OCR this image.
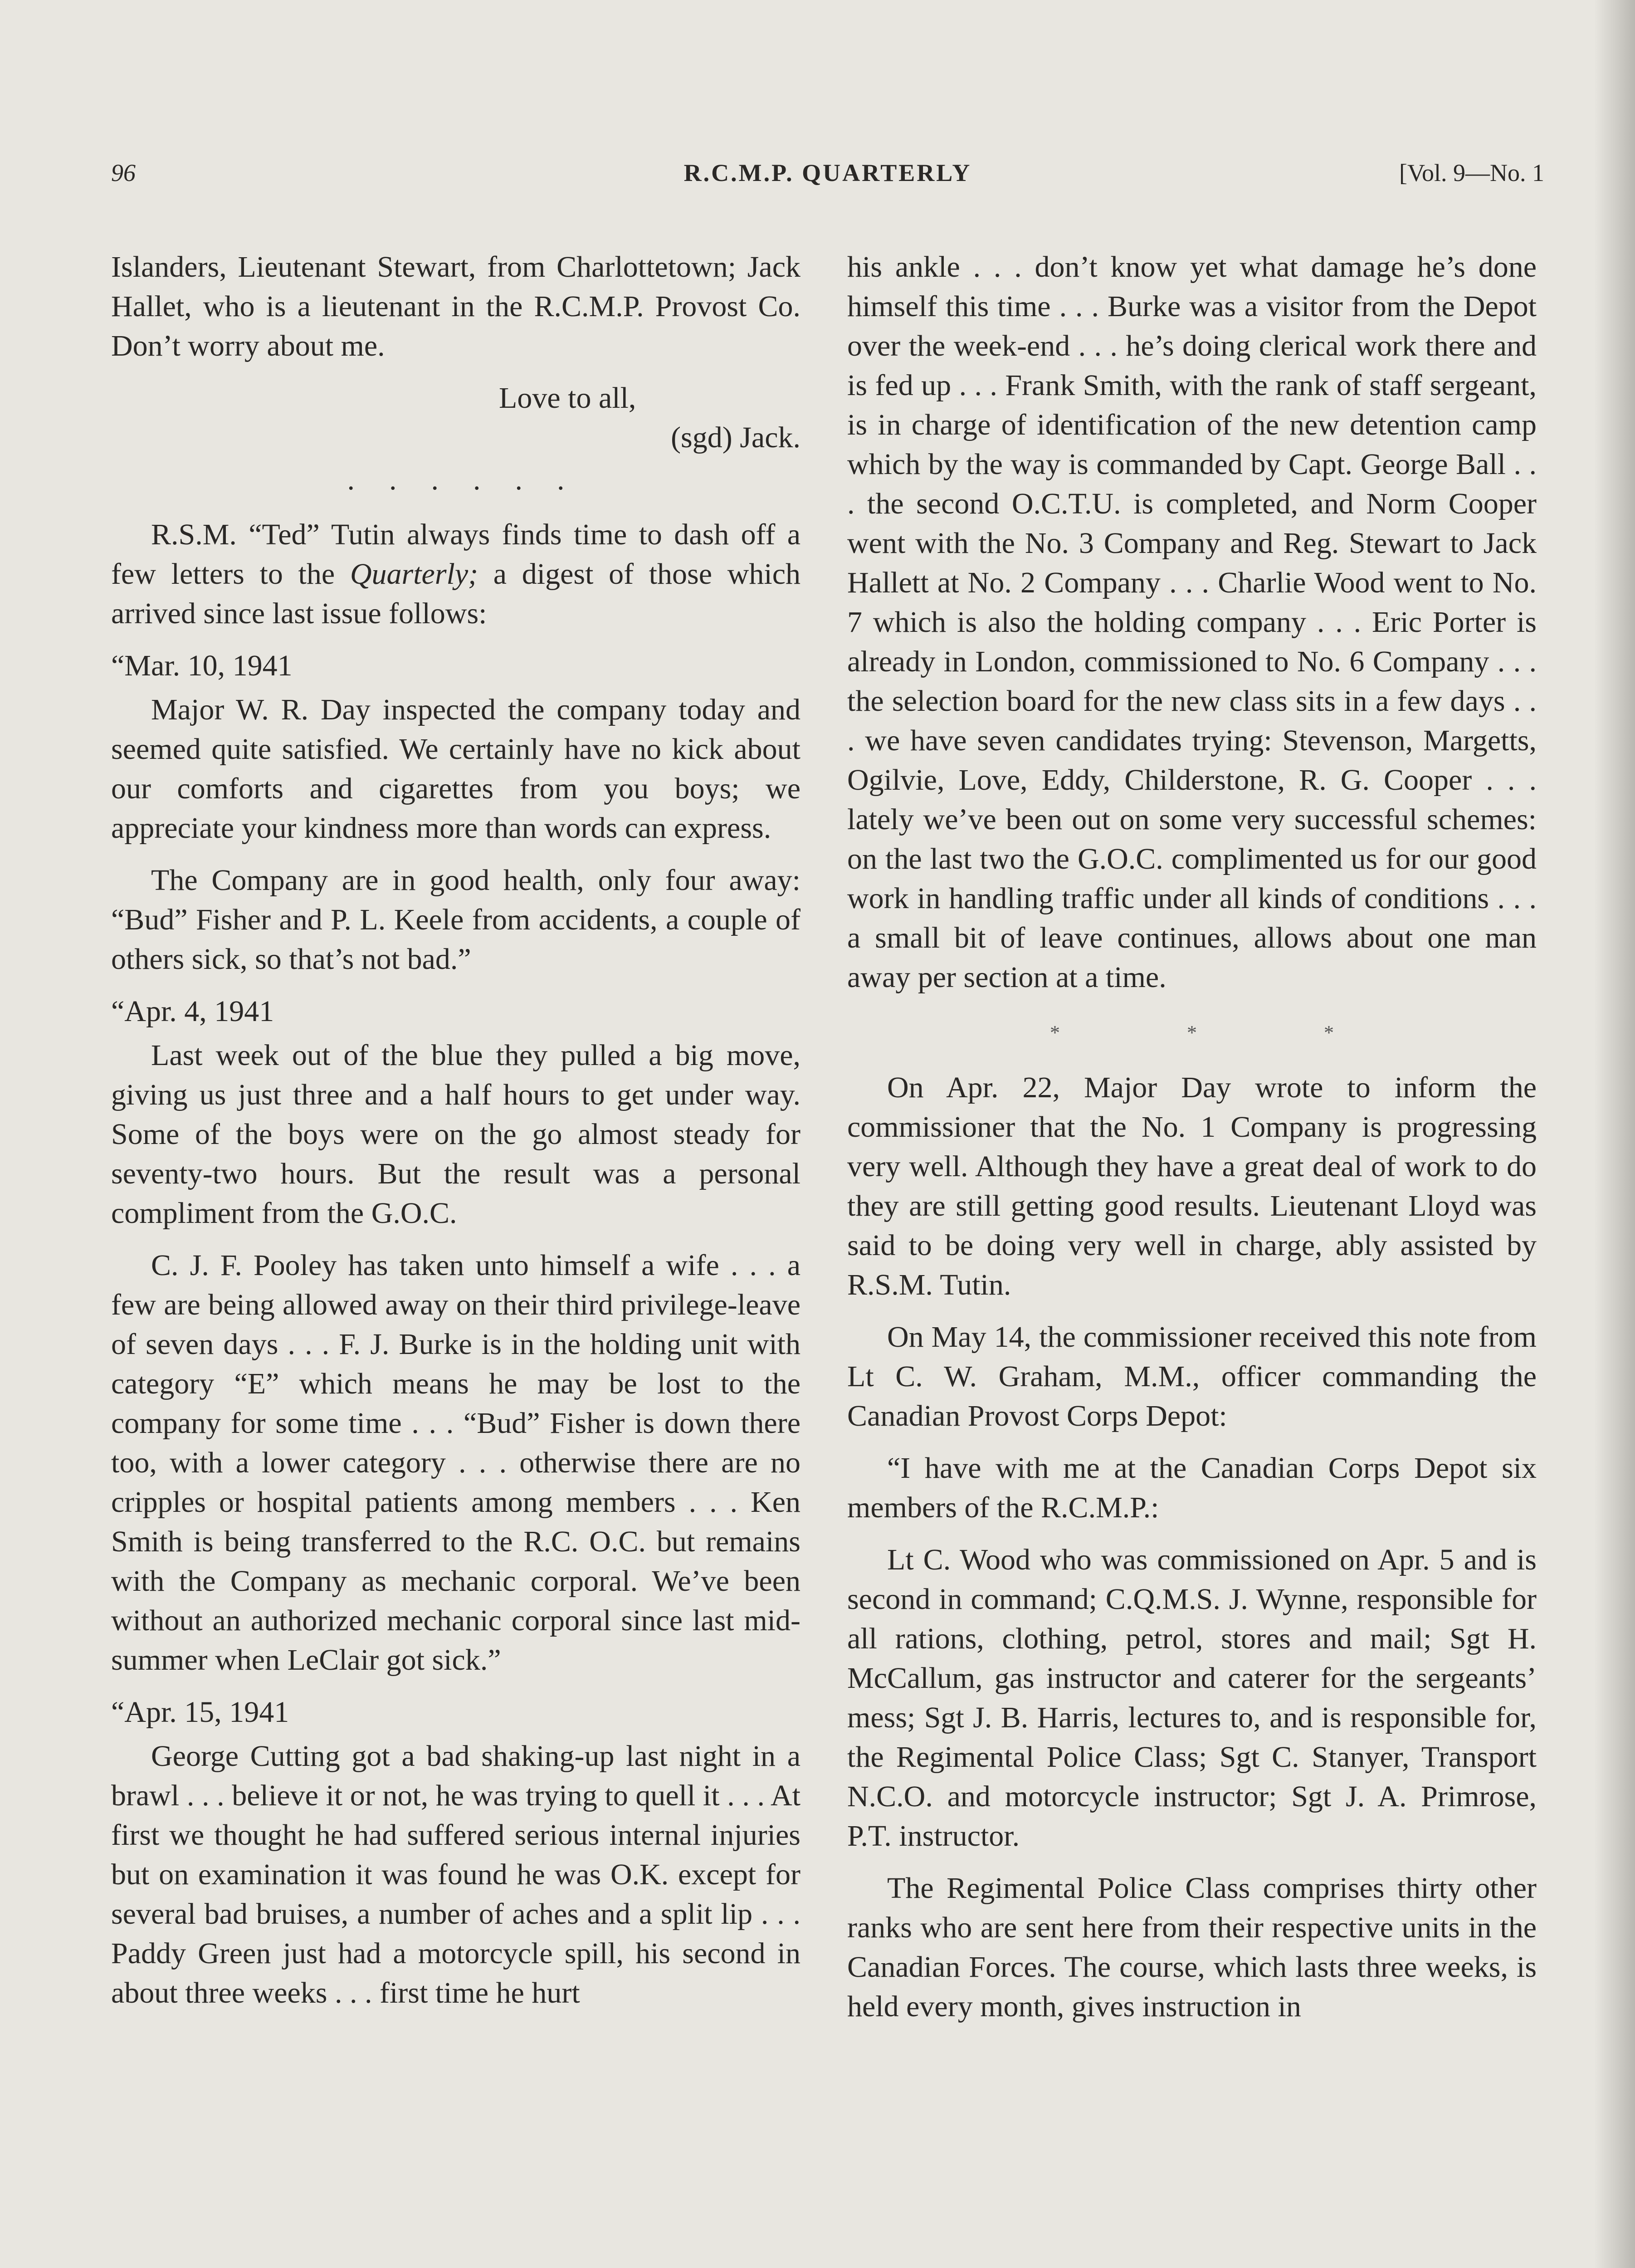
96	R.C.M.P. QUARTERLY	[Vol. 9—No. 1

Islanders, Lieutenant Stewart, from Charlottetown; Jack Hallet, who is a lieutenant in the R.C.M.P. Provost Co. Don’t worry about me.

Love to all,

(sgd) Jack.

. . . . . .

R.S.M. “Ted” Tutin always finds time to dash off a few letters to the Quarterly; a digest of those which arrived since last issue follows:

“Mar. 10, 1941

Major W. R. Day inspected the company today and seemed quite satisfied. We certainly have no kick about our comforts and cigarettes from you boys; we appreciate your kindness more than words can express.

The Company are in good health, only four away: “Bud” Fisher and P. L. Keele from accidents, a couple of others sick, so that’s not bad.”

“Apr. 4, 1941

Last week out of the blue they pulled a big move, giving us just three and a half hours to get under way. Some of the boys were on the go almost steady for seventy-two hours. But the result was a personal compliment from the G.O.C.

C. J. F. Pooley has taken unto himself a wife . . . a few are being allowed away on their third privilege-leave of seven days . . . F. J. Burke is in the holding unit with category “E” which means he may be lost to the company for some time . . . “Bud” Fisher is down there too, with a lower category . . . otherwise there are no cripples or hospital patients among members . . . Ken Smith is being transferred to the R.C. O.C. but remains with the Company as mechanic corporal. We’ve been without an authorized mechanic corporal since last mid-summer when LeClair got sick.”

“Apr. 15, 1941

George Cutting got a bad shaking-up last night in a brawl . . . believe it or not, he was trying to quell it . . . At first we thought he had suffered serious internal injuries but on examination it was found he was O.K. except for several bad bruises, a number of aches and a split lip . . . Paddy Green just had a motorcycle spill, his second in about three weeks . . . first time he hurt

his ankle . . . don’t know yet what damage he’s done himself this time . . . Burke was a visitor from the Depot over the week-end . . . he’s doing clerical work there and is fed up . . . Frank Smith, with the rank of staff sergeant, is in charge of identification of the new detention camp which by the way is commanded by Capt. George Ball . . . the second O.C.T.U. is completed, and Norm Cooper went with the No. 3 Company and Reg. Stewart to Jack Hallett at No. 2 Company . . . Charlie Wood went to No. 7 which is also the holding company . . . Eric Porter is already in London, commissioned to No. 6 Company . . . the selection board for the new class sits in a few days . . . we have seven candidates trying: Stevenson, Margetts, Ogilvie, Love, Eddy, Childerstone, R. G. Cooper . . . lately we’ve been out on some very successful schemes: on the last two the G.O.C. complimented us for our good work in handling traffic under all kinds of conditions . . . a small bit of leave continues, allows about one man away per section at a time.

*	*	*

On Apr. 22, Major Day wrote to inform the commissioner that the No. 1 Company is progressing very well. Although they have a great deal of work to do they are still getting good results. Lieutenant Lloyd was said to be doing very well in charge, ably assisted by R.S.M. Tutin.

On May 14, the commissioner received this note from Lt C. W. Graham, M.M., officer commanding the Canadian Provost Corps Depot:

“I have with me at the Canadian Corps Depot six members of the R.C.M.P.:

Lt C. Wood who was commissioned on Apr. 5 and is second in command; C.Q.M.S. J. Wynne, responsible for all rations, clothing, petrol, stores and mail; Sgt H. McCallum, gas instructor and caterer for the sergeants’ mess; Sgt J. B. Harris, lectures to, and is responsible for, the Regimental Police Class; Sgt C. Stanyer, Transport N.C.O. and motorcycle instructor; Sgt J. A. Primrose, P.T. instructor.

The Regimental Police Class comprises thirty other ranks who are sent here from their respective units in the Canadian Forces. The course, which lasts three weeks, is held every month, gives instruction in
